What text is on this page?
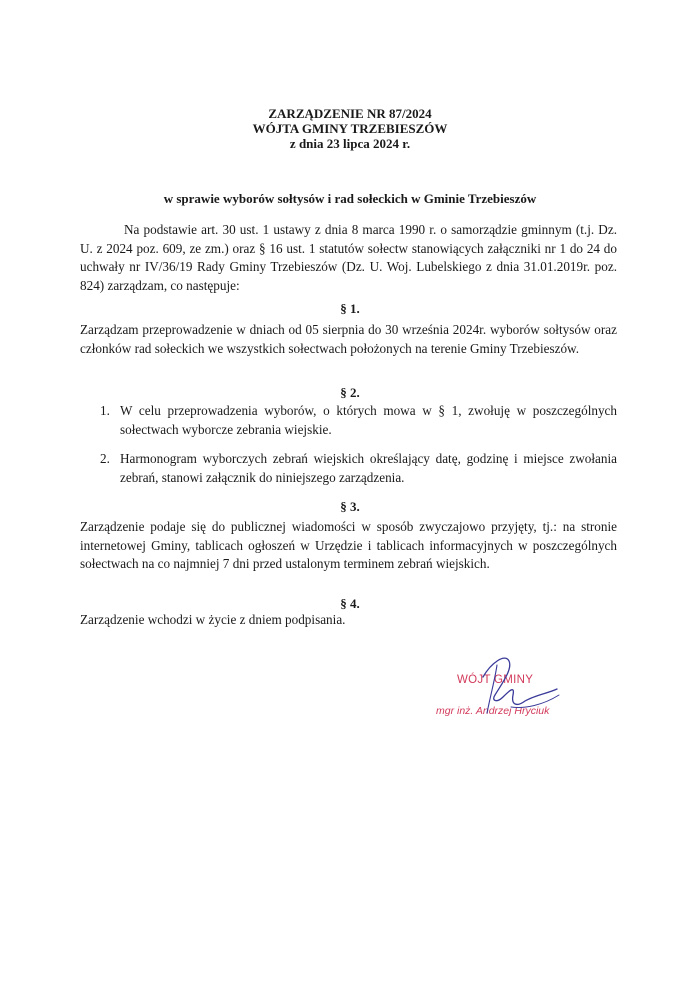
ZARZĄDZENIE NR 87/2024
WÓJTA GMINY TRZEBIESZÓW
z dnia 23 lipca 2024 r.
w sprawie wyborów sołtysów i rad sołeckich w Gminie Trzebieszów
Na podstawie art. 30 ust. 1 ustawy z dnia 8 marca 1990 r. o samorządzie gminnym (t.j. Dz. U. z 2024 poz. 609, ze zm.) oraz § 16 ust. 1 statutów sołectw stanowiących załączniki nr 1 do 24 do uchwały nr IV/36/19 Rady Gminy Trzebieszów (Dz. U. Woj. Lubelskiego z dnia 31.01.2019r. poz. 824) zarządzam, co następuje:
§ 1.
Zarządzam przeprowadzenie w dniach od 05 sierpnia do 30 września 2024r. wyborów sołtysów oraz członków rad sołeckich we wszystkich sołectwach położonych na terenie Gminy Trzebieszów.
§ 2.
1. W celu przeprowadzenia wyborów, o których mowa w § 1, zwołuję w poszczególnych sołectwach wyborcze zebrania wiejskie.
2. Harmonogram wyborczych zebrań wiejskich określający datę, godzinę i miejsce zwołania zebrań, stanowi załącznik do niniejszego zarządzenia.
§ 3.
Zarządzenie podaje się do publicznej wiadomości w sposób zwyczajowo przyjęty, tj.: na stronie internetowej Gminy, tablicach ogłoszeń w Urzędzie i tablicach informacyjnych w poszczególnych sołectwach na co najmniej 7 dni przed ustalonym terminem zebrań wiejskich.
§ 4.
Zarządzenie wchodzi w życie z dniem podpisania.
WÓJT GMINY
mgr inż. Andrzej Hryciuk
